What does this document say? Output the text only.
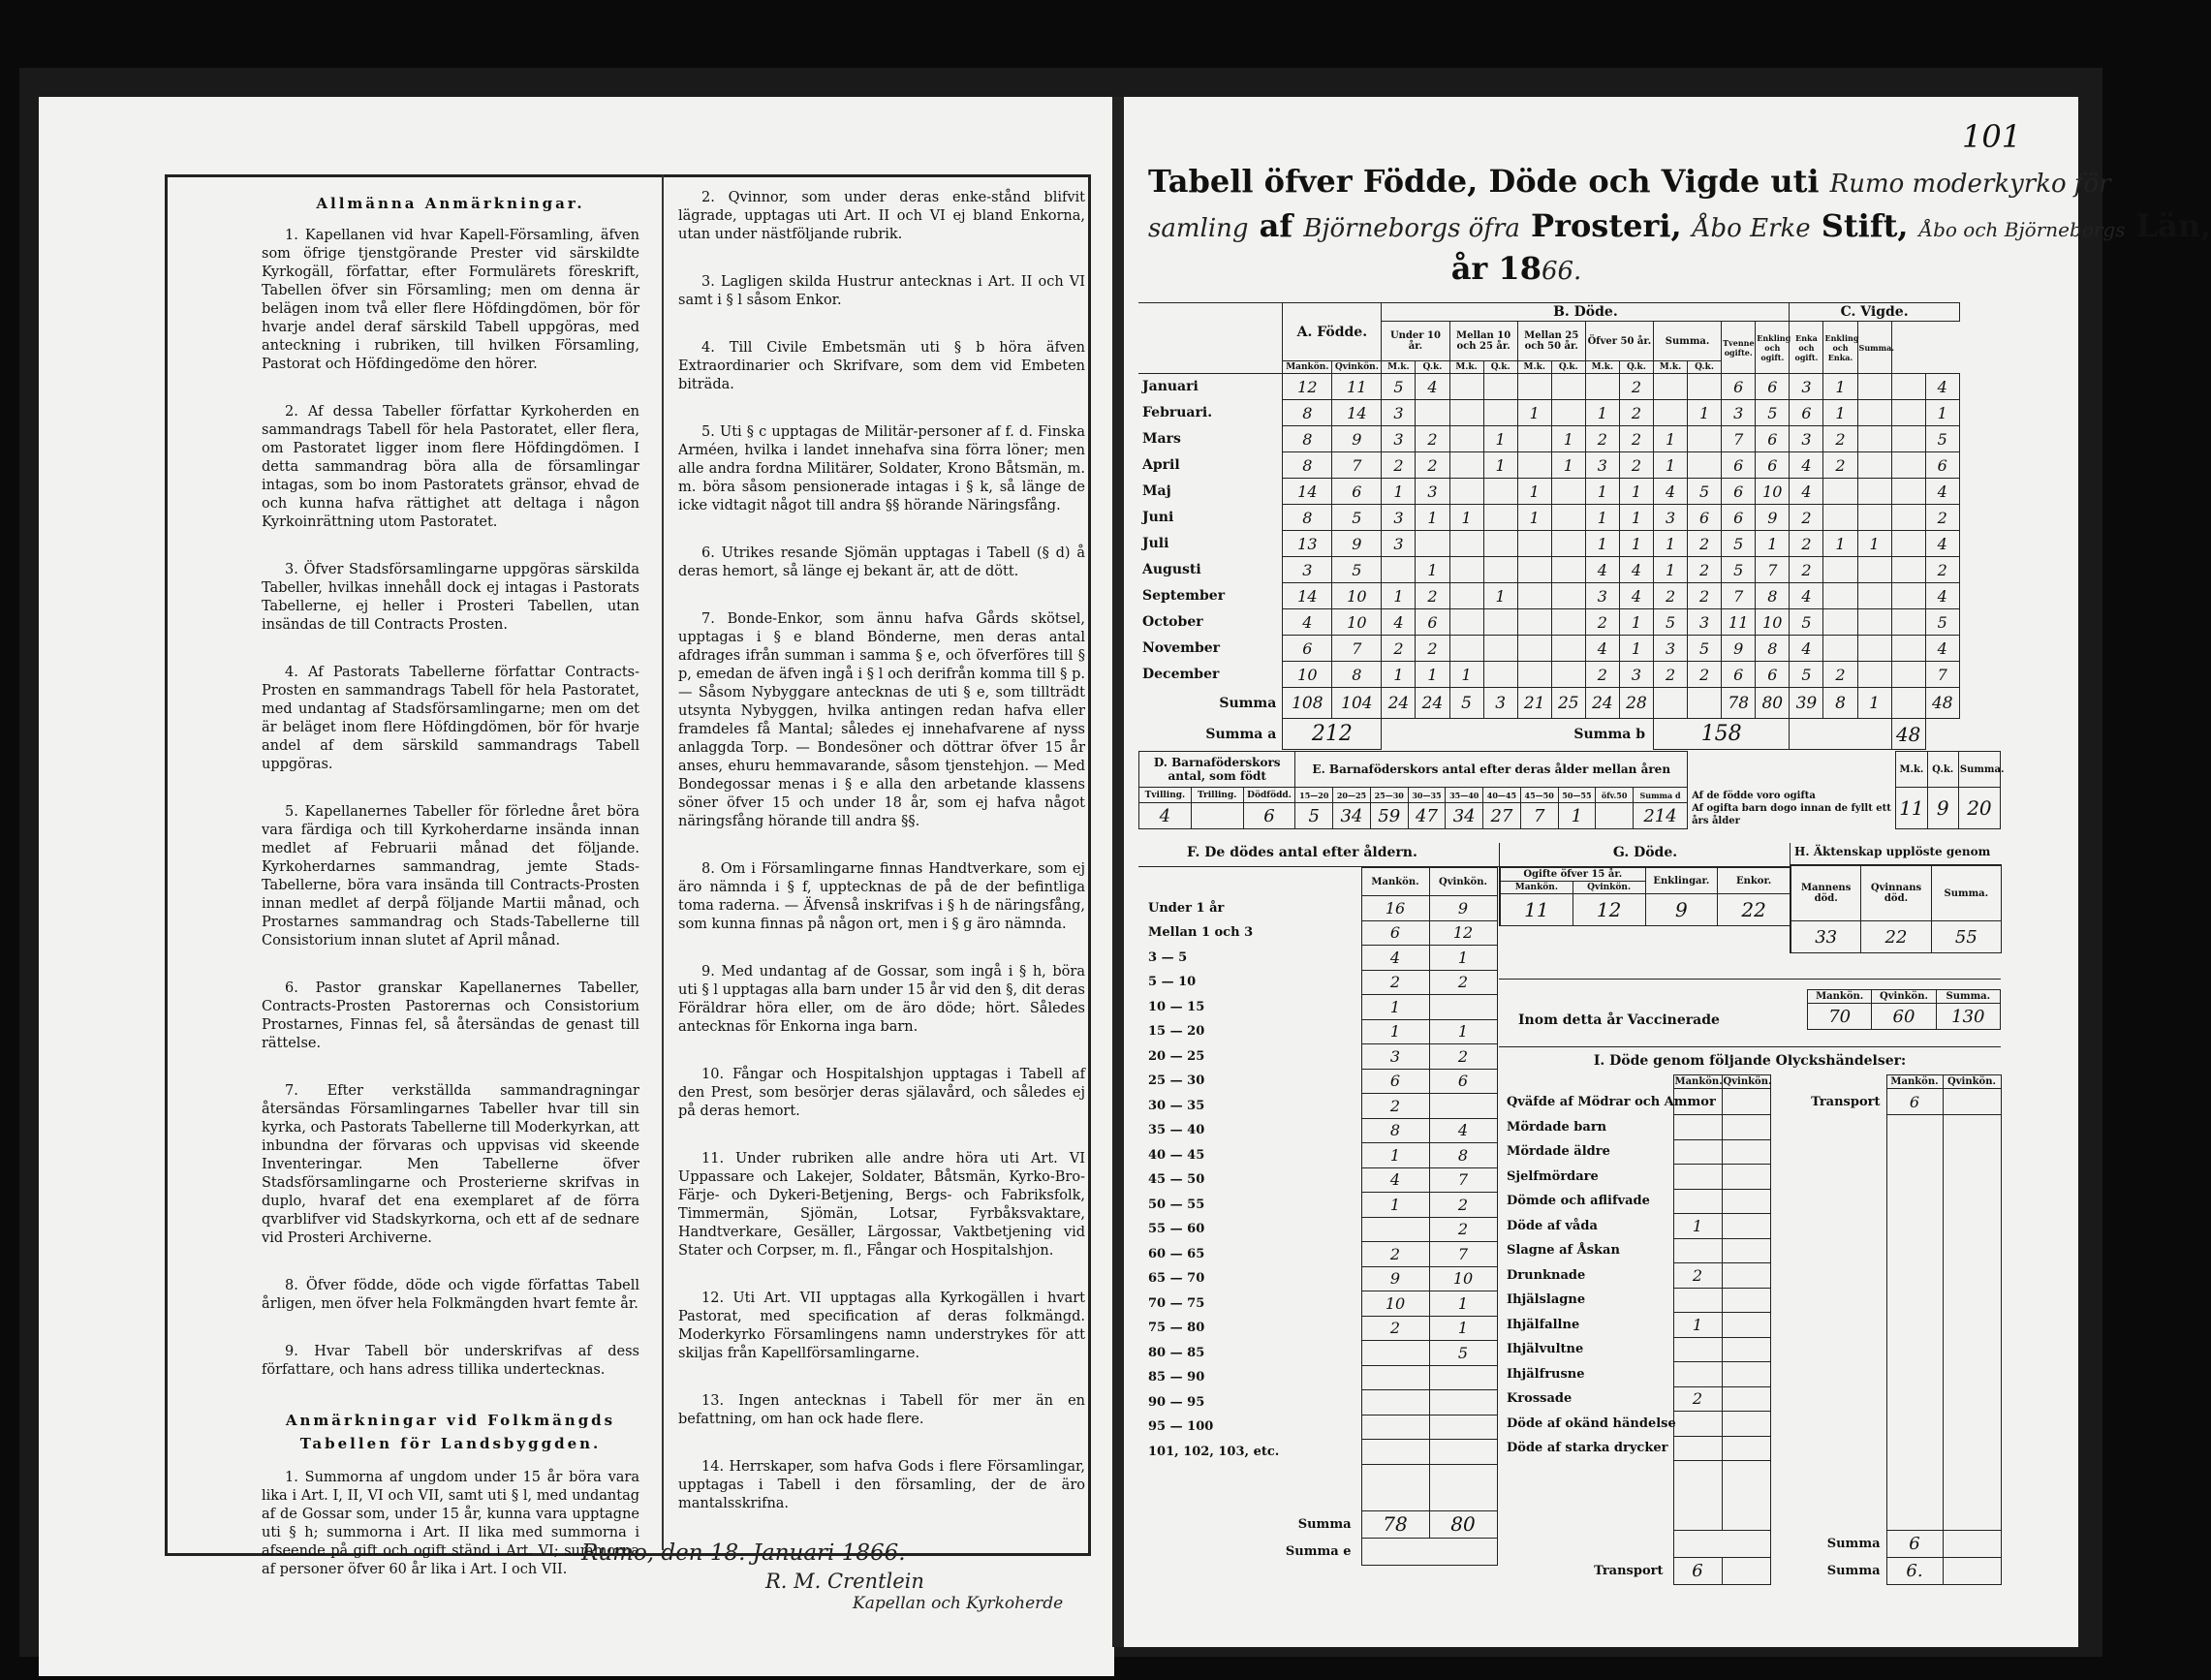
Allmänna Anmärkningar.

1. Kapellanen vid hvar Kapell-Församling, äfven som öfrige tjenstgörande Prester vid särskildte Kyrkogäll, författar, efter Formulärets föreskrift, Tabellen öfver sin Församling; men om denna är belägen inom två eller flere Höfdingdömen, bör för hvarje andel deraf särskild Tabell uppgöras, med anteckning i rubriken, till hvilken Församling, Pastorat och Höfdingedöme den hörer.

2. Af dessa Tabeller författar Kyrkoherden en sammandrags Tabell för hela Pastoratet, eller flera, om Pastoratet ligger inom flere Höfdingdömen. I detta sammandrag böra alla de församlingar intagas, som bo inom Pastoratets gränsor, ehvad de och kunna hafva rättighet att deltaga i någon Kyrkoinrättning utom Pastoratet.

3. Öfver Stadsförsamlingarne uppgöras särskilda Tabeller, hvilkas innehåll dock ej intagas i Pastorats Tabellerne, ej heller i Prosteri Tabellen, utan insändas de till Contracts Prosten.

4. Af Pastorats Tabellerne författar Contracts-Prosten en sammandrags Tabell för hela Pastoratet, med undantag af Stadsförsamlingarne; men om det är beläget inom flere Höfdingdömen, bör för hvarje andel af dem särskild sammandrags Tabell uppgöras.

5. Kapellanernes Tabeller för förledne året böra vara färdiga och till Kyrkoherdarne insända innan medlet af Februarii månad det följande. Kyrkoherdarnes sammandrag, jemte Stads-Tabellerne, böra vara insända till Contracts-Prosten innan medlet af derpå följande Martii månad, och Prostarnes sammandrag och Stads-Tabellerne till Consistorium innan slutet af April månad.

6. Pastor granskar Kapellanernes Tabeller, Contracts-Prosten Pastorernas och Consistorium Prostarnes, Finnas fel, så återsändas de genast till rättelse.

7. Efter verkställda sammandragningar återsändas Församlingarnes Tabeller hvar till sin kyrka, och Pastorats Tabellerne till Moderkyrkan, att inbundna der förvaras och uppvisas vid skeende Inventeringar. Men Tabellerne öfver Stadsförsamlingarne och Prosterierne skrifvas in duplo, hvaraf det ena exemplaret af de förra qvarblifver vid Stadskyrkorna, och ett af de sednare vid Prosteri Archiverne.

8. Öfver födde, döde och vigde författas Tabell årligen, men öfver hela Folkmängden hvart femte år.

9. Hvar Tabell bör underskrifvas af dess författare, och hans adress tillika undertecknas.

Anmärkningar vid Folkmängds Tabellen för Landsbyggden.

1. Summorna af ungdom under 15 år böra vara lika i Art. I, II, VI och VII, samt uti § l, med undantag af de Gossar som, under 15 år, kunna vara upptagne uti § h; summorna i Art. II lika med summorna i afseende på gift och ogift ständ i Art. VI; summorna af personer öfver 60 år lika i Art. I och VII.

2. Qvinnor, som under deras enke-stånd blifvit lägrade, upptagas uti Art. II och VI ej bland Enkorna, utan under nästföljande rubrik.

3. Lagligen skilda Hustrur antecknas i Art. II och VI samt i § l såsom Enkor.

4. Till Civile Embetsmän uti § b höra äfven Extraordinarier och Skrifvare, som dem vid Embeten biträda.

5. Uti § c upptagas de Militär-personer af f. d. Finska Arméen, hvilka i landet innehafva sina förra löner; men alle andra fordna Militärer, Soldater, Krono Båtsmän, m. m. böra såsom pensionerade intagas i § k, så länge de icke vidtagit något till andra §§ hörande Näringsfång.

6. Utrikes resande Sjömän upptagas i Tabell (§ d) å deras hemort, så länge ej bekant är, att de dött.

7. Bonde-Enkor, som ännu hafva Gårds skötsel, upptagas i § e bland Bönderne, men deras antal afdrages ifrån summan i samma § e, och öfverföres till § p, emedan de äfven ingå i § l och derifrån komma till § p. — Såsom Nybyggare antecknas de uti § e, som tillträdt utsynta Nybyggen, hvilka antingen redan hafva eller framdeles få Mantal; således ej innehafvarene af nyss anlaggda Torp. — Bondesöner och döttrar öfver 15 år anses, ehuru hemmavarande, såsom tjenstehjon. — Med Bondegossar menas i § e alla den arbetande klassens söner öfver 15 och under 18 år, som ej hafva något näringsfång hörande till andra §§.

8. Om i Församlingarne finnas Handtverkare, som ej äro nämnda i § f, upptecknas de på de der befintliga toma raderna. — Äfvenså inskrifvas i § h de näringsfång, som kunna finnas på någon ort, men i § g äro nämnda.

9. Med undantag af de Gossar, som ingå i § h, böra uti § l upptagas alla barn under 15 år vid den §, dit deras Föräldrar höra eller, om de äro döde; hört. Således antecknas för Enkorna inga barn.

10. Fångar och Hospitalshjon upptagas i Tabell af den Prest, som besörjer deras själavård, och således ej på deras hemort.

11. Under rubriken alle andre höra uti Art. VI Uppassare och Lakejer, Soldater, Båtsmän, Kyrko-Bro-Färje- och Dykeri-Betjening, Bergs- och Fabriksfolk, Timmermän, Sjömän, Lotsar, Fyrbåksvaktare, Handtverkare, Gesäller, Lärgossar, Vaktbetjening vid Stater och Corpser, m. fl., Fångar och Hospitalshjon.

12. Uti Art. VII upptagas alla Kyrkogällen i hvart Pastorat, med specification af deras folkmängd. Moderkyrko Församlingens namn understrykes för att skiljas från Kapellförsamlingarne.

13. Ingen antecknas i Tabell för mer än en befattning, om han ock hade flere.

14. Herrskaper, som hafva Gods i flere Församlingar, upptagas i Tabell i den församling, der de äro mantalsskrifna.

Rumo, den 18. Januari 1866.
R. M. Crentlein
Kapellan och Kyrkoherde
101
Tabell öfver Födde, Döde och Vigde uti Rumo moderkyrko för
samling af Björneborgs öfra Prosteri, Åbo Erke Stift, Åbo och Björneborgs Län,
år 1866.
	A. Födde.		B. Döde.												C. Vigde.				
			Under 10 år.		Mellan 10 och 25 år.		Mellan 25 och 50 år.		Öfver 50 år.		Summa.		Tvenne ogifte.	Enkling och ogift.	Enka och ogift.	Enkling och Enka.	Summa.		
	Mankön.	Qvinkön.	M.k.	Q.k.	M.k.	Q.k.	M.k.	Q.k.	M.k.	Q.k.	M.k.	Q.k.							
Januari	12	11	5	4						2			6	6	3	1			4
Februari.	8	14	3				1		1	2		1	3	5	6	1			1
Mars	8	9	3	2		1		1	2	2	1		7	6	3	2			5
April	8	7	2	2		1		1	3	2	1		6	6	4	2			6
Maj	14	6	1	3			1		1	1	4	5	6	10	4				4
Juni	8	5	3	1	1		1		1	1	3	6	6	9	2				2
Juli	13	9	3						1	1	1	2	5	1	2	1	1		4
Augusti	3	5		1					4	4	1	2	5	7	2				2
September	14	10	1	2		1			3	4	2	2	7	8	4				4
October	4	10	4	6					2	1	5	3	11	10	5				5
November	6	7	2	2					4	1	3	5	9	8	4				4
December	10	8	1	1	1				2	3	2	2	6	6	5	2			7
Summa	108	104	24	24	5	3	21	25	24	28			78	80	39	8	1		48
Summa a	212		Summa b								158							48	
D. Barnaföderskors antal, som födt			E. Barnaföderskors antal efter deras ålder mellan åren											M.k.	Q.k.	Summa.
Tvilling.	Trilling.	Dödfödd.	15—20	20—25	25—30	30—35	35—40	40—45	45—50	50—55	öfv.50	Summa d	Af de födde voro ogifta
Af ogifta barn dogo innan de fyllt ett års ålder	11	9	20
4		6	5	34	59	47	34	27	7	1		214				
F. De dödes antal efter åldern.
	Mankön.	Qvinkön.
Under 1 år	16	9
Mellan 1 och 3	6	12
3 — 5	4	1
5 — 10	2	2
10 — 15	1	
15 — 20	1	1
20 — 25	3	2
25 — 30	6	6
30 — 35	2	
35 — 40	8	4
40 — 45	1	8
45 — 50	4	7
50 — 55	1	2
55 — 60		2
60 — 65	2	7
65 — 70	9	10
70 — 75	10	1
75 — 80	2	1
80 — 85		5
85 — 90		
90 — 95		
95 — 100		
101, 102, 103, etc.		

Summa	78	80
Summa e		
G. Döde.
Ogifte öfver 15 år.		Enklingar.	Enkor.
Mankön.	Qvinkön.		
11	12	9	22
H. Äktenskap upplöste genom
Mannens död.	Qvinnans död.	Summa.
33	22	55
Mankön.	Qvinkön.	Summa.
70	60	130
Inom detta år Vaccinerade
I. Döde genom följande Olyckshändelser:
	Mankön.	Qvinkön.		Mankön.	Qvinkön.
Qväfde af Mödrar och Ammor			Transport	6	
Mördade barn					
Mördade äldre					
Sjelfmördare					
Dömde och aflifvade					
Döde af våda	1				
Slagne af Åskan					
Drunknade	2				
Ihjälslagne					
Ihjälfallne	1				
Ihjälvultne					
Ihjälfrusne					
Krossade	2				
Döde af okänd händelse					
Döde af starka drycker					

			Summa	6	
Transport	6		Summa	6.	
